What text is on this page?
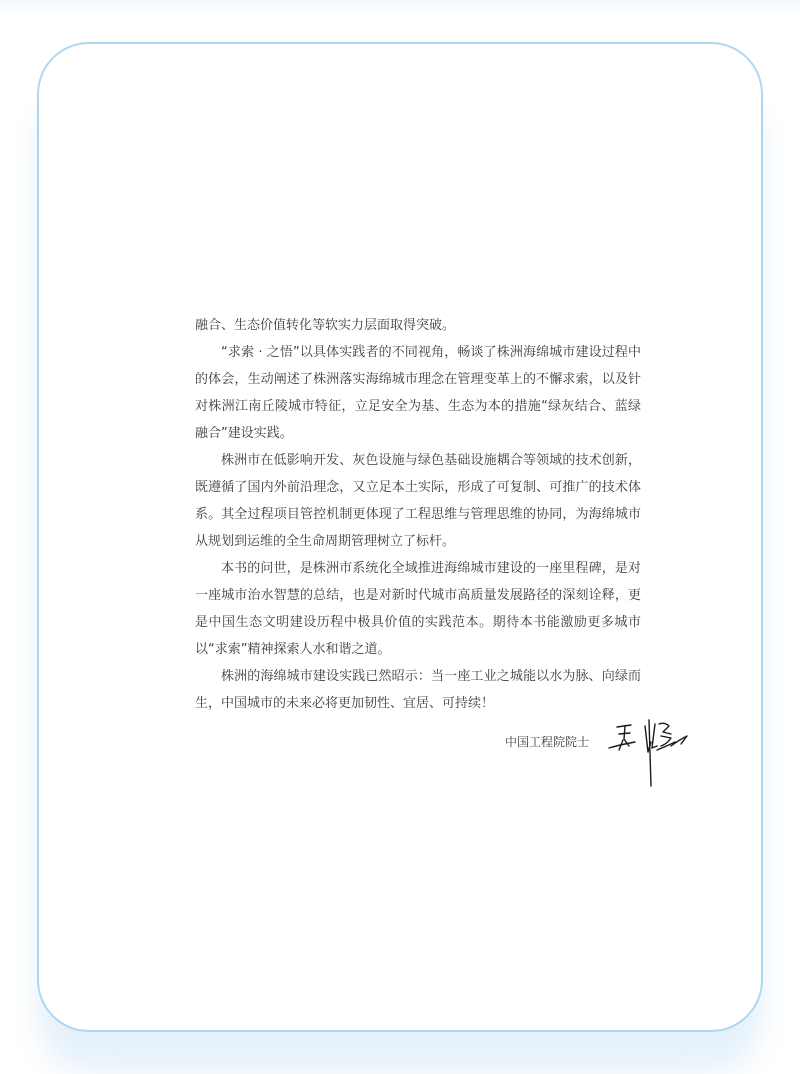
融合、生态价值转化等软实力层面取得突破。

“求索 · 之悟”以具体实践者的不同视角，畅谈了株洲海绵城市建设过程中的体会，生动阐述了株洲落实海绵城市理念在管理变革上的不懈求索，以及针对株洲江南丘陵城市特征，立足安全为基、生态为本的措施“绿灰结合、蓝绿融合”建设实践。

株洲市在低影响开发、灰色设施与绿色基础设施耦合等领域的技术创新，既遵循了国内外前沿理念，又立足本土实际，形成了可复制、可推广的技术体系。其全过程项目管控机制更体现了工程思维与管理思维的协同，为海绵城市从规划到运维的全生命周期管理树立了标杆。

本书的问世，是株洲市系统化全域推进海绵城市建设的一座里程碑，是对一座城市治水智慧的总结，也是对新时代城市高质量发展路径的深刻诠释，更是中国生态文明建设历程中极具价值的实践范本。期待本书能激励更多城市以“求索”精神探索人水和谐之道。

株洲的海绵城市建设实践已然昭示：当一座工业之城能以水为脉、向绿而生，中国城市的未来必将更加韧性、宜居、可持续！

中国工程院院士
